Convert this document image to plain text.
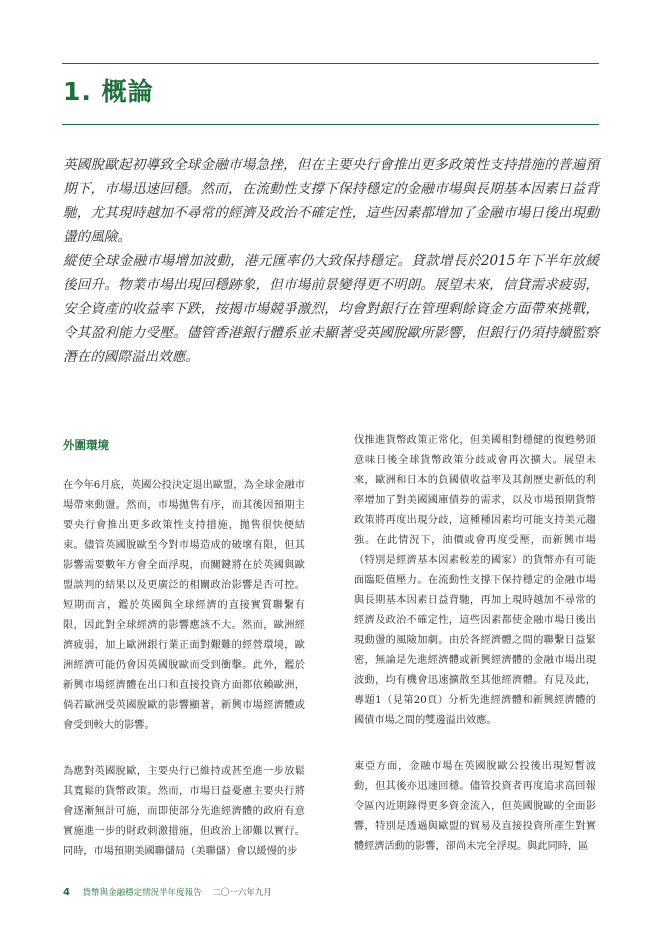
1. 概論

英國脫歐起初導致全球金融市場急挫，但在主要央行會推出更多政策性支持措施的普遍預期下，市場迅速回穩。然而，在流動性支撐下保持穩定的金融市場與長期基本因素日益背馳，尤其現時越加不尋常的經濟及政治不確定性，這些因素都增加了金融市場日後出現動盪的風險。

縱使全球金融市場增加波動，港元匯率仍大致保持穩定。貸款增長於2015年下半年放緩後回升。物業市場出現回穩跡象，但市場前景變得更不明朗。展望未來，信貸需求疲弱，安全資產的收益率下跌，按揭市場競爭激烈，均會對銀行在管理剩餘資金方面帶來挑戰，令其盈利能力受壓。儘管香港銀行體系並未顯著受英國脫歐所影響，但銀行仍須持續監察潛在的國際溢出效應。

外圍環境

在今年6月底，英國公投決定退出歐盟，為全球金融市場帶來動盪。然而，市場拋售有序，而其後因預期主要央行會推出更多政策性支持措施，拋售很快便結束。儘管英國脫歐至今對市場造成的破壞有限，但其影響需要數年方會全面浮現，而關鍵將在於英國與歐盟談判的結果以及更廣泛的相關政治影響是否可控。短期而言，鑑於英國與全球經濟的直接實質聯繫有限，因此對全球經濟的影響應該不大。然而，歐洲經濟疲弱，加上歐洲銀行業正面對艱難的經營環境，歐洲經濟可能仍會因英國脫歐而受到衝擊。此外，鑑於新興市場經濟體在出口和直接投資方面都依賴歐洲，倘若歐洲受英國脫歐的影響顯著，新興市場經濟體或會受到較大的影響。

為應對英國脫歐，主要央行已維持或甚至進一步放鬆其寬鬆的貨幣政策。然而，市場日益憂慮主要央行將會逐漸無計可施，而即使部分先進經濟體的政府有意實施進一步的財政刺激措施，但政治上卻難以實行。同時，市場預期美國聯儲局（美聯儲）會以緩慢的步

伐推進貨幣政策正常化，但美國相對穩健的復甦勢頭意味日後全球貨幣政策分歧或會再次擴大。展望未來，歐洲和日本的負國債收益率及其創歷史新低的利率增加了對美國國庫債券的需求，以及市場預期貨幣政策將再度出現分歧，這種種因素均可能支持美元趨強。在此情況下，油價或會再度受壓，而新興市場（特別是經濟基本因素較差的國家）的貨幣亦有可能面臨貶值壓力。在流動性支撐下保持穩定的金融市場與長期基本因素日益背馳，再加上現時越加不尋常的經濟及政治不確定性，這些因素都使金融市場日後出現動盪的風險加劇。由於各經濟體之間的聯繫日益緊密，無論是先進經濟體或新興經濟體的金融市場出現波動，均有機會迅速擴散至其他經濟體。有見及此，專題1（見第20頁）分析先進經濟體和新興經濟體的國債市場之間的雙邊溢出效應。

東亞方面，金融市場在英國脫歐公投後出現短暫波動，但其後亦迅速回穩。儘管投資者再度追求高回報令區內近期錄得更多資金流入，但英國脫歐的全面影響，特別是透過與歐盟的貿易及直接投資所產生對實體經濟活動的影響，卻尚未完全浮現。與此同時，區

4 貨幣與金融穩定情況半年度報告 二〇一六年九月
